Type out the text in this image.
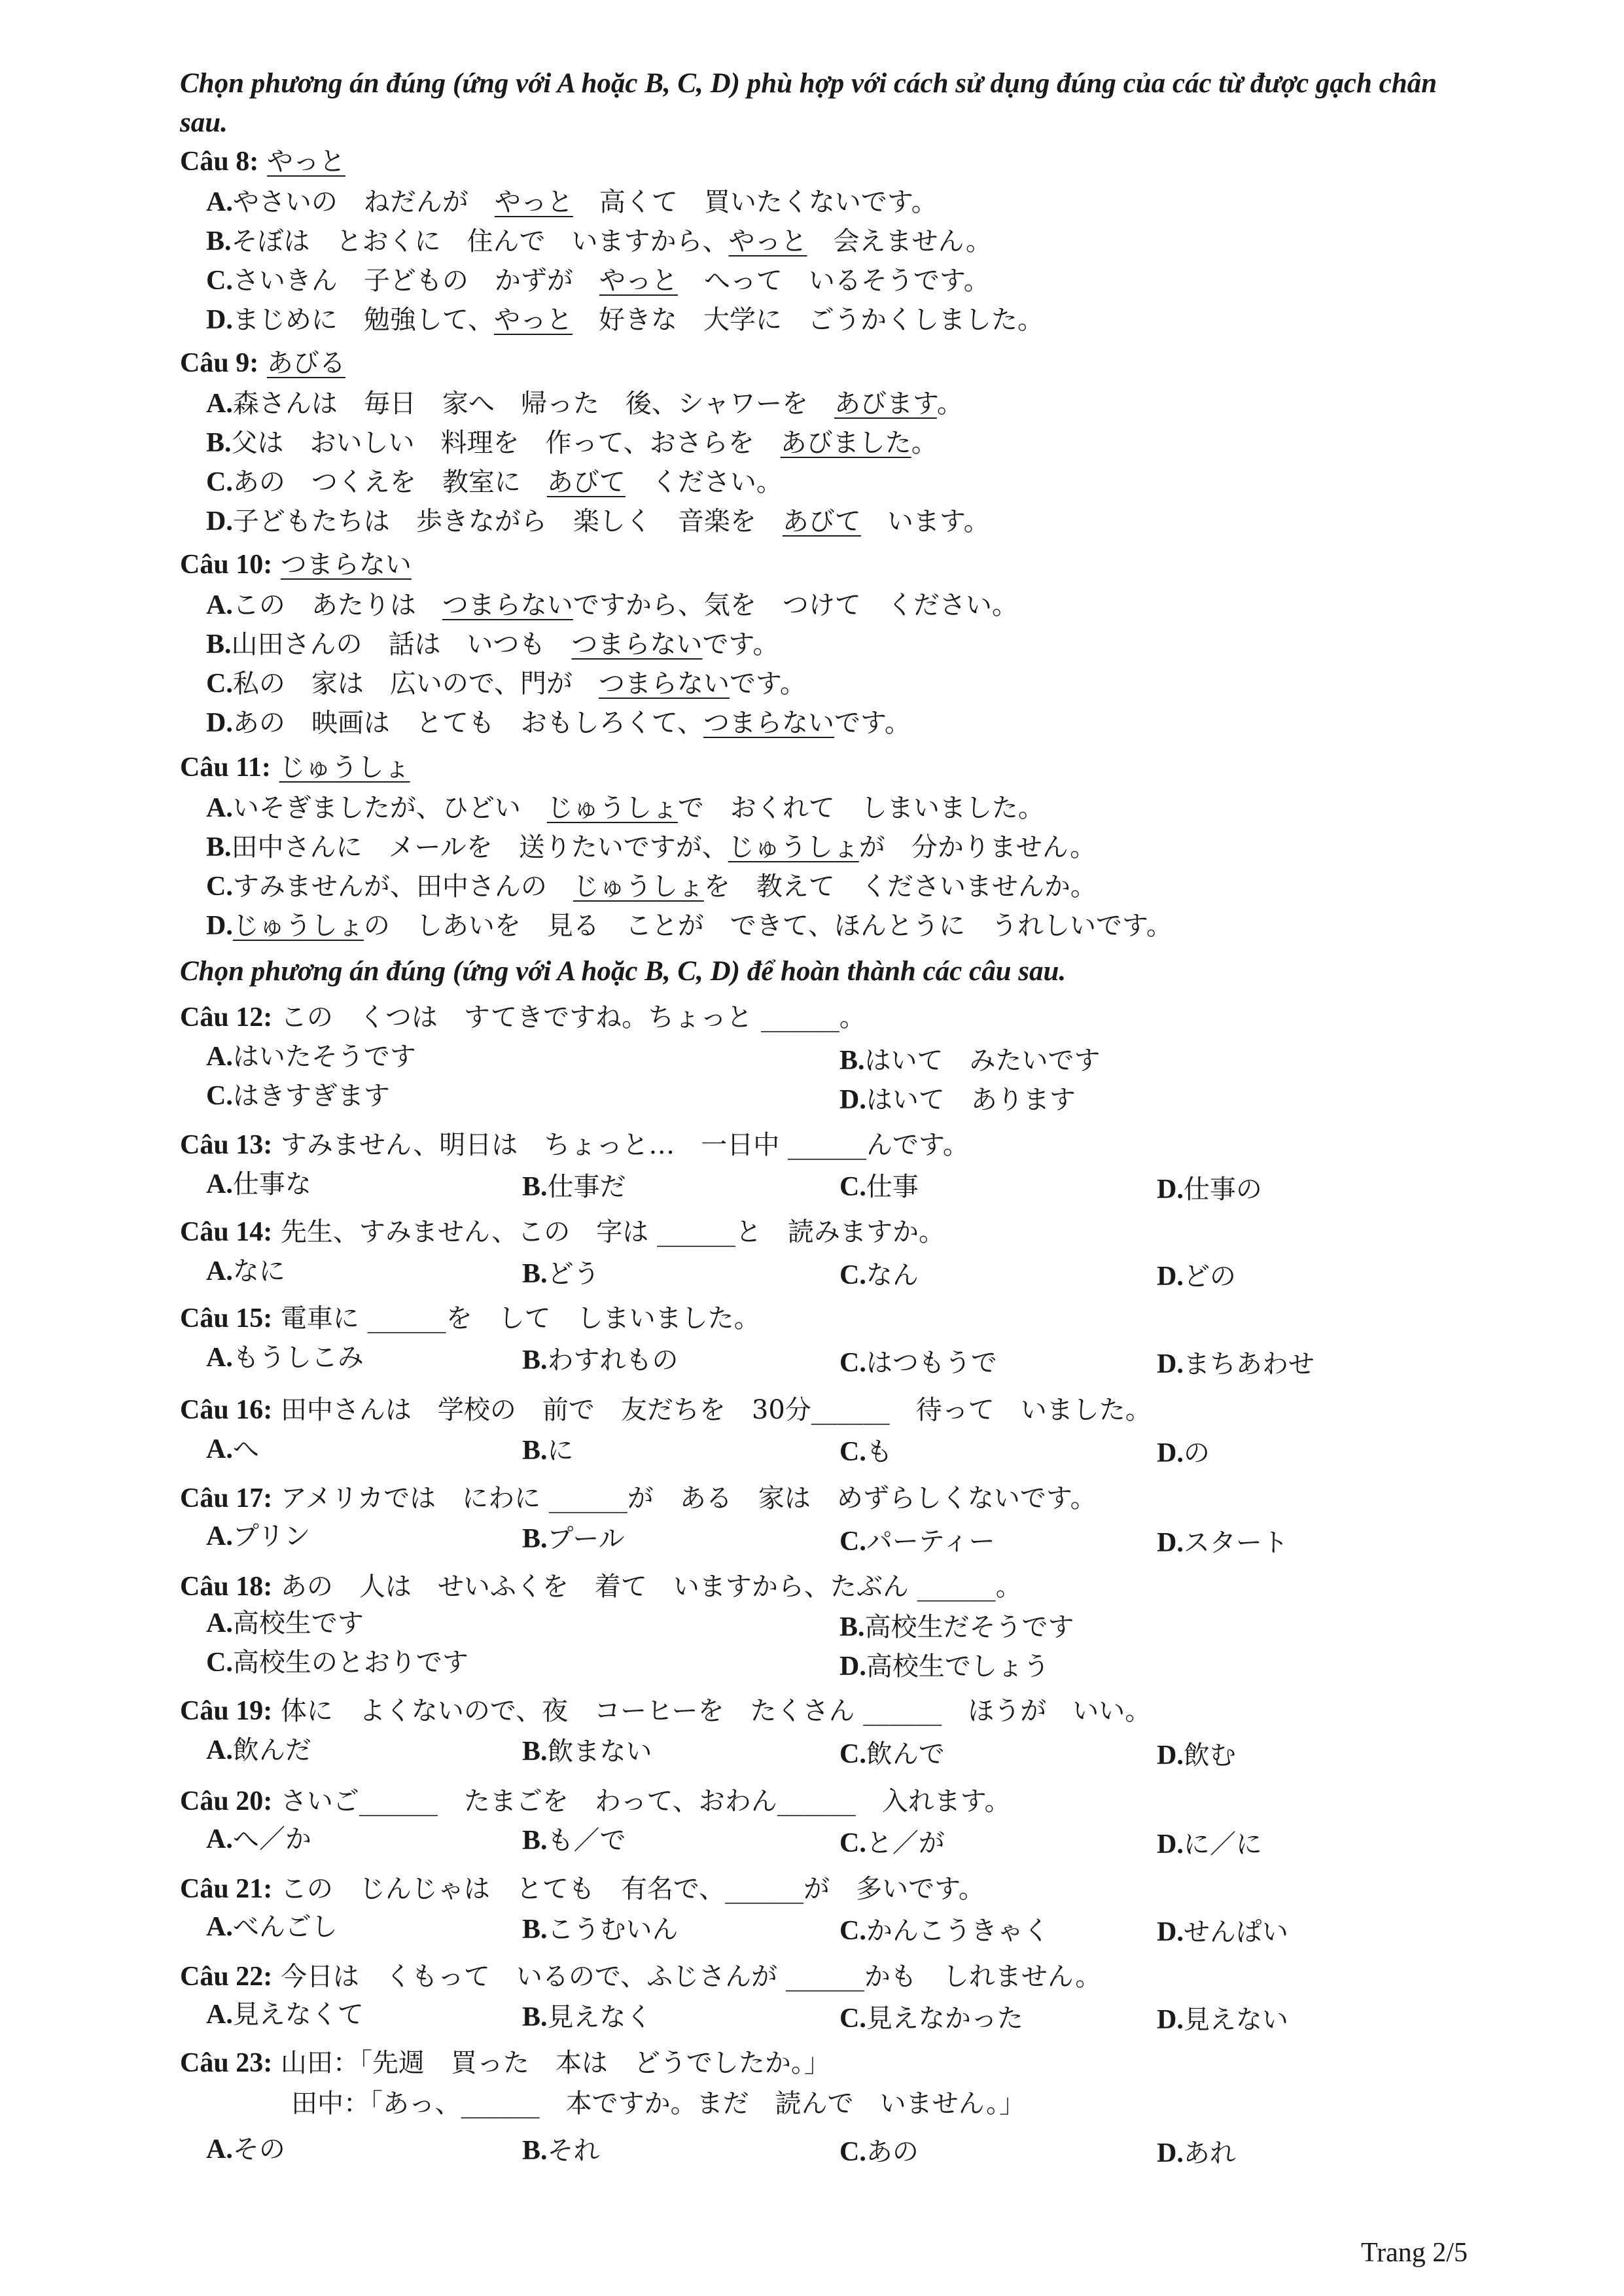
Chọn phương án đúng (ứng với A hoặc B, C, D) phù hợp với cách sử dụng đúng của các từ được gạch chân sau.
Câu 8: やっと
A.やさいの　ねだんが　やっと　高くて　買いたくないです。
B.そぼは　とおくに　住んで　いますから、やっと　会えません。
C.さいきん　子どもの　かずが　やっと　へって　いるそうです。
D.まじめに　勉強して、やっと　好きな　大学に　ごうかくしました。
Câu 9: あびる
A.森さんは　毎日　家へ　帰った　後、シャワーを　あびます。
B.父は　おいしい　料理を　作って、おさらを　あびました。
C.あの　つくえを　教室に　あびて　ください。
D.子どもたちは　歩きながら　楽しく　音楽を　あびて　います。
Câu 10: つまらない
A.この　あたりは　つまらないですから、気を　つけて　ください。
B.山田さんの　話は　いつも　つまらないです。
C.私の　家は　広いので、門が　つまらないです。
D.あの　映画は　とても　おもしろくて、つまらないです。
Câu 11: じゅうしょ
A.いそぎましたが、ひどい　じゅうしょで　おくれて　しまいました。
B.田中さんに　メールを　送りたいですが、じゅうしょが　分かりません。
C.すみませんが、田中さんの　じゅうしょを　教えて　くださいませんか。
D.じゅうしょの　しあいを　見る　ことが　できて、ほんとうに　うれしいです。
Chọn phương án đúng (ứng với A hoặc B, C, D) để hoàn thành các câu sau.
Câu 12: この　くつは　すてきですね。ちょっと ______。
A.はいたそうです	B.はいて　みたいです
C.はきすぎます	D.はいて　あります
Câu 13: すみません、明日は　ちょっと…　一日中 ______んです。
A.仕事な	B.仕事だ	C.仕事	D.仕事の
Câu 14: 先生、すみません、この　字は ______と　読みますか。
A.なに	B.どう	C.なん	D.どの
Câu 15: 電車に ______を　して　しまいました。
A.もうしこみ	B.わすれもの	C.はつもうで	D.まちあわせ
Câu 16: 田中さんは　学校の　前で　友だちを　30分______　待って　いました。
A.へ	B.に	C.も	D.の
Câu 17: アメリカでは　にわに ______が　ある　家は　めずらしくないです。
A.プリン	B.プール	C.パーティー	D.スタート
Câu 18: あの　人は　せいふくを　着て　いますから、たぶん ______。
A.高校生です	B.高校生だそうです
C.高校生のとおりです	D.高校生でしょう
Câu 19: 体に　よくないので、夜　コーヒーを　たくさん ______　ほうが　いい。
A.飲んだ	B.飲まない	C.飲んで	D.飲む
Câu 20: さいご______　たまごを　わって、おわん______　入れます。
A.へ／か	B.も／で	C.と／が	D.に／に
Câu 21: この　じんじゃは　とても　有名で、______が　多いです。
A.べんごし	B.こうむいん	C.かんこうきゃく	D.せんぱい
Câu 22: 今日は　くもって　いるので、ふじさんが ______かも　しれません。
A.見えなくて	B.見えなく	C.見えなかった	D.見えない
Câu 23: 山田：「先週　買った　本は　どうでしたか。」
田中：「あっ、______　本ですか。まだ　読んで　いません。」
A.その	B.それ	C.あの	D.あれ
Trang 2/5
